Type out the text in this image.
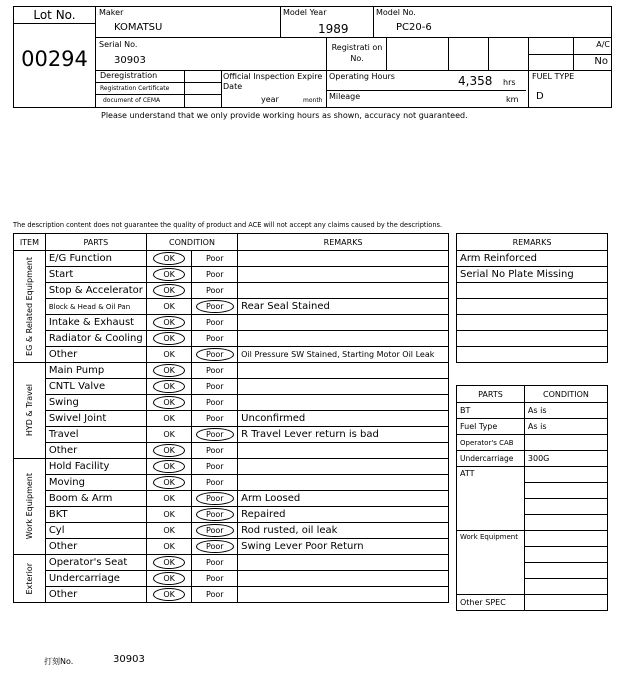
Lot No.
00294
Maker
KOMATSU
Model Year
1989
Model No.
PC20-6
Serial No.
30903
Registrati on No.
A/C
No
Deregistration
Registration Certificate
document of CEMA
Official Inspection Expire Date
year	month
Operating Hours	4,358 hrs
Mileage	km
FUEL TYPE
D
Please understand that we only provide working hours as shown, accuracy not guaranteed.
The description content does not guarantee the quality of product and ACE will not accept any claims caused by the descriptions.
ITEM	PARTS	CONDITION		REMARKS

EG & Related Equipment	E/G Function	OK	Poor	
	Start	OK	Poor	
	Stop & Accelerator	OK	Poor	
	Block & Head & Oil Pan	OK	Poor	Rear Seal Stained
	Intake & Exhaust	OK	Poor	
	Radiator & Cooling	OK	Poor	
	Other	OK	Poor	Oil Pressure SW Stained, Starting Motor Oil Leak

HYD & Travel	Main Pump	OK	Poor	
	CNTL Valve	OK	Poor	
	Swing	OK	Poor	
	Swivel Joint	OK	Poor	Unconfirmed
	Travel	OK	Poor	R Travel Lever return is bad
	Other	OK	Poor	

Work Equipment	Hold Facility	OK	Poor	
	Moving	OK	Poor	
	Boom & Arm	OK	Poor	Arm Loosed
	BKT	OK	Poor	Repaired
	Cyl	OK	Poor	Rod rusted, oil leak
	Other	OK	Poor	Swing Lever Poor Return

Exterior	Operator's Seat	OK	Poor	
	Undercarriage	OK	Poor	
	Other	OK	Poor	
REMARKS
Arm Reinforced
Serial No Plate Missing

PARTS	CONDITION
BT	As is
Fuel Type	As is
Operator's CAB	
Undercarriage	300G
ATT	

Work Equipment	

Other SPEC	
打刻No.	30903
